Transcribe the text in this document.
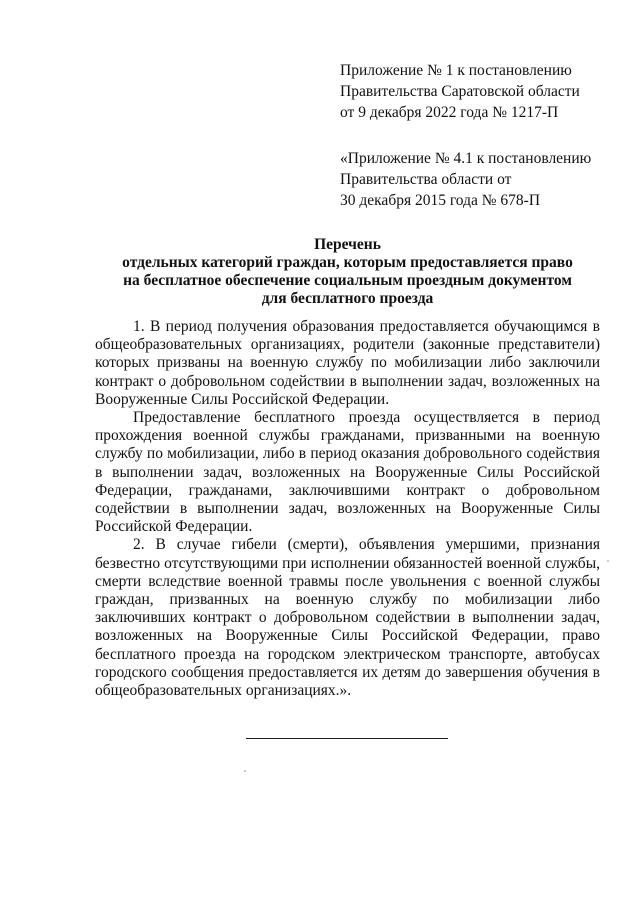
Приложение № 1 к постановлению
Правительства Саратовской области
от 9 декабря 2022 года № 1217-П
«Приложение № 4.1 к постановлению
Правительства области от
30 декабря 2015 года № 678-П
Перечень
отдельных категорий граждан, которым предоставляется право
на бесплатное обеспечение социальным проездным документом
для бесплатного проезда

1. В период получения образования предоставляется обучающимся в общеобразовательных организациях, родители (законные представители) которых призваны на военную службу по мобилизации либо заключили контракт о добровольном содействии в выполнении задач, возложенных на Вооруженные Силы Российской Федерации.

Предоставление бесплатного проезда осуществляется в период прохождения военной службы гражданами, призванными на военную службу по мобилизации, либо в период оказания добровольного содействия в выполнении задач, возложенных на Вооруженные Силы Российской Федерации, гражданами, заключившими контракт о добровольном содействии в выполнении задач, возложенных на Вооруженные Силы Российской Федерации.

2. В случае гибели (смерти), объявления умершими, признания безвестно отсутствующими при исполнении обязанностей военной службы, смерти вследствие военной травмы после увольнения с военной службы граждан, призванных на военную службу по мобилизации либо заключивших контракт о добровольном содействии в выполнении задач, возложенных на Вооруженные Силы Российской Федерации, право бесплатного проезда на городском электрическом транспорте, автобусах городского сообщения предоставляется их детям до завершения обучения в общеобразовательных организациях.».
